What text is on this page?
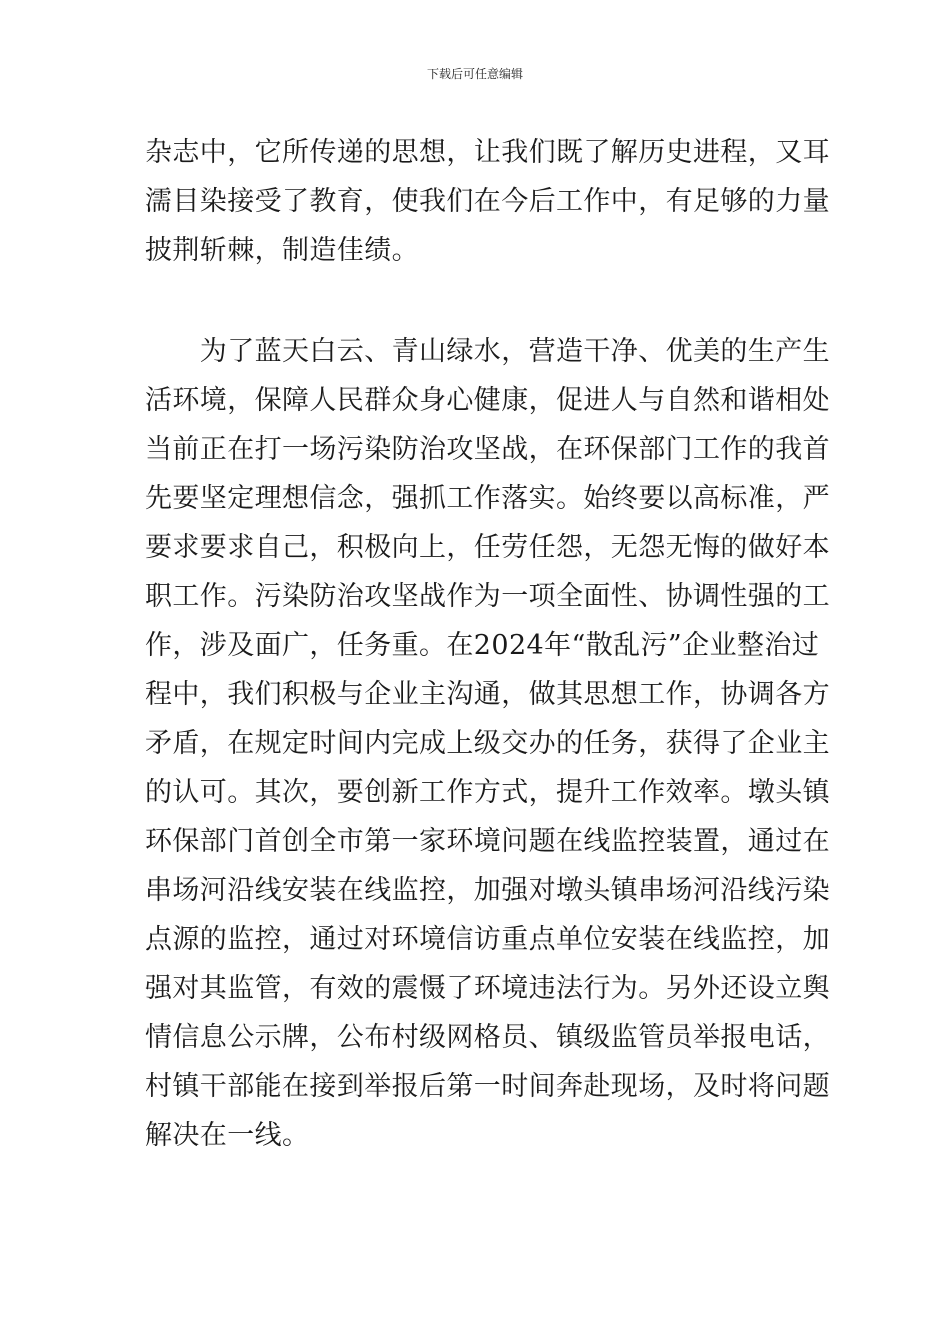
下载后可任意编辑
杂志中，它所传递的思想，让我们既了解历史进程，又耳
濡目染接受了教育，使我们在今后工作中，有足够的力量
披荆斩棘，制造佳绩。
　　为了蓝天白云、青山绿水，营造干净、优美的生产生
活环境，保障人民群众身心健康，促进人与自然和谐相处
当前正在打一场污染防治攻坚战，在环保部门工作的我首
先要坚定理想信念，强抓工作落实。始终要以高标准，严
要求要求自己，积极向上，任劳任怨，无怨无悔的做好本
职工作。污染防治攻坚战作为一项全面性、协调性强的工
作，涉及面广，任务重。在2024年“散乱污”企业整治过
程中，我们积极与企业主沟通，做其思想工作，协调各方
矛盾，在规定时间内完成上级交办的任务，获得了企业主
的认可。其次，要创新工作方式，提升工作效率。墩头镇
环保部门首创全市第一家环境问题在线监控装置，通过在
串场河沿线安装在线监控，加强对墩头镇串场河沿线污染
点源的监控，通过对环境信访重点单位安装在线监控，加
强对其监管，有效的震慑了环境违法行为。另外还设立舆
情信息公示牌，公布村级网格员、镇级监管员举报电话，
村镇干部能在接到举报后第一时间奔赴现场，及时将问题
解决在一线。
